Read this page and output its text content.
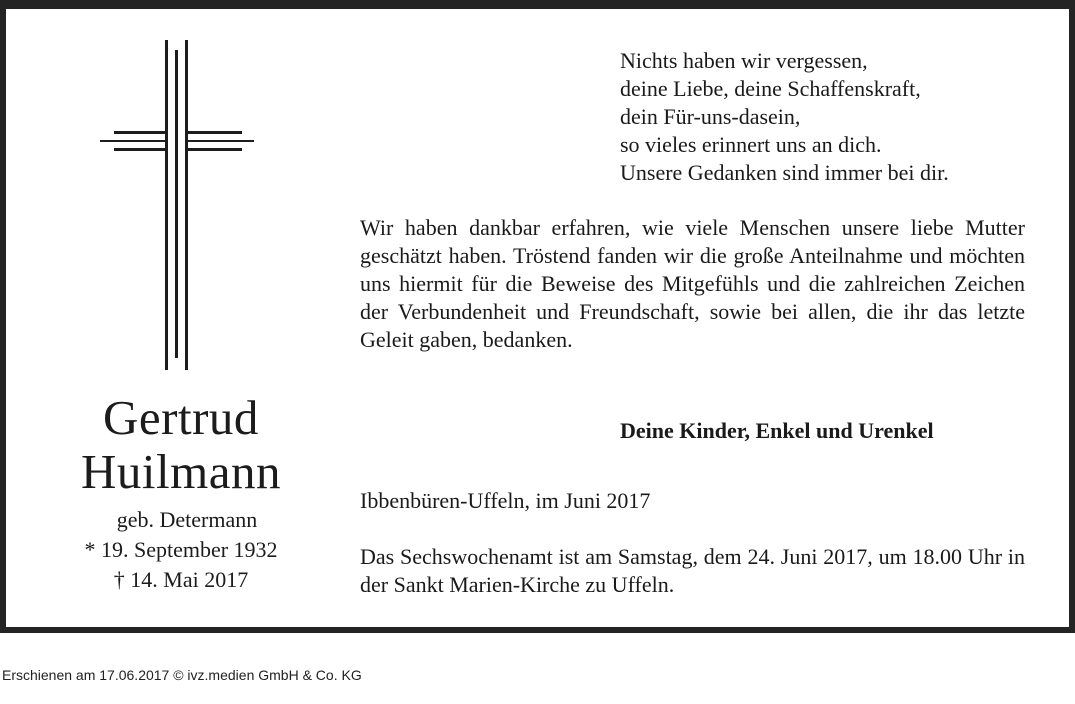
Gertrud
Huilmann
geb. Determann
* 19. September 1932
† 14. Mai 2017
Nichts haben wir vergessen,
deine Liebe, deine Schaffenskraft,
dein Für-uns-dasein,
so vieles erinnert uns an dich.
Unsere Gedanken sind immer bei dir.
Wir haben dankbar erfahren, wie viele Menschen unsere liebe Mutter geschätzt haben. Tröstend fanden wir die große Anteilnahme und möchten uns hiermit für die Beweise des Mitgefühls und die zahlreichen Zeichen der Verbundenheit und Freundschaft, sowie bei allen, die ihr das letzte Geleit gaben, bedanken.
Deine Kinder, Enkel und Urenkel
Ibbenbüren-Uffeln, im Juni 2017
Das Sechswochenamt ist am Samstag, dem 24. Juni 2017, um 18.00 Uhr in der Sankt Marien-Kirche zu Uffeln.
Erschienen am 17.06.2017 © ivz.medien GmbH & Co. KG
